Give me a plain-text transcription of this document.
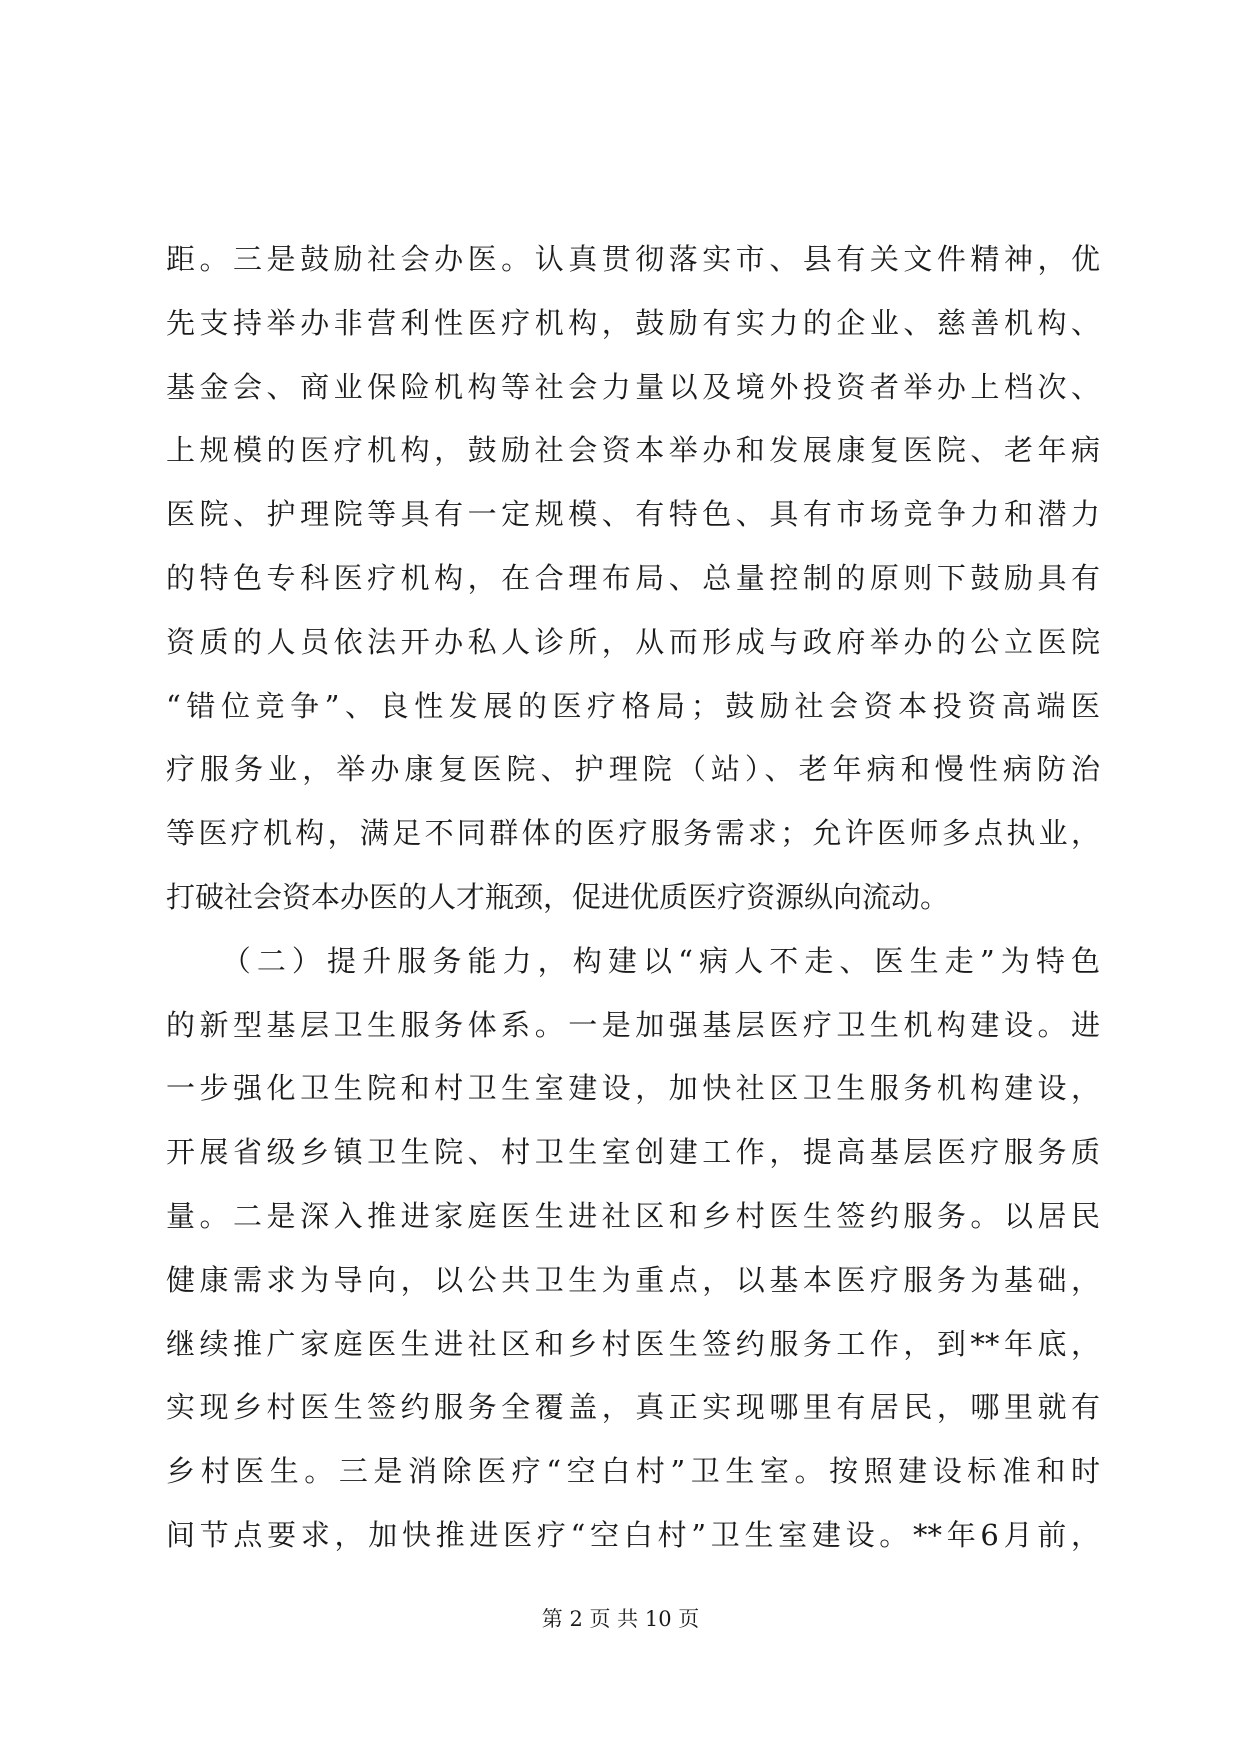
距。三是鼓励社会办医。认真贯彻落实市、县有关文件精神，优
先支持举办非营利性医疗机构，鼓励有实力的企业、慈善机构、
基金会、商业保险机构等社会力量以及境外投资者举办上档次、
上规模的医疗机构，鼓励社会资本举办和发展康复医院、老年病
医院、护理院等具有一定规模、有特色、具有市场竞争力和潜力
的特色专科医疗机构，在合理布局、总量控制的原则下鼓励具有
资质的人员依法开办私人诊所，从而形成与政府举办的公立医院
“错位竞争”、良性发展的医疗格局；鼓励社会资本投资高端医
疗服务业，举办康复医院、护理院（站）、老年病和慢性病防治
等医疗机构，满足不同群体的医疗服务需求；允许医师多点执业，
打破社会资本办医的人才瓶颈，促进优质医疗资源纵向流动。
　　（二）提升服务能力，构建以“病人不走、医生走”为特色
的新型基层卫生服务体系。一是加强基层医疗卫生机构建设。进
一步强化卫生院和村卫生室建设，加快社区卫生服务机构建设，
开展省级乡镇卫生院、村卫生室创建工作，提高基层医疗服务质
量。二是深入推进家庭医生进社区和乡村医生签约服务。以居民
健康需求为导向，以公共卫生为重点，以基本医疗服务为基础，
继续推广家庭医生进社区和乡村医生签约服务工作，到**年底，
实现乡村医生签约服务全覆盖，真正实现哪里有居民，哪里就有
乡村医生。三是消除医疗“空白村”卫生室。按照建设标准和时
间节点要求，加快推进医疗“空白村”卫生室建设。**年6月前，
第 2 页 共 10 页
